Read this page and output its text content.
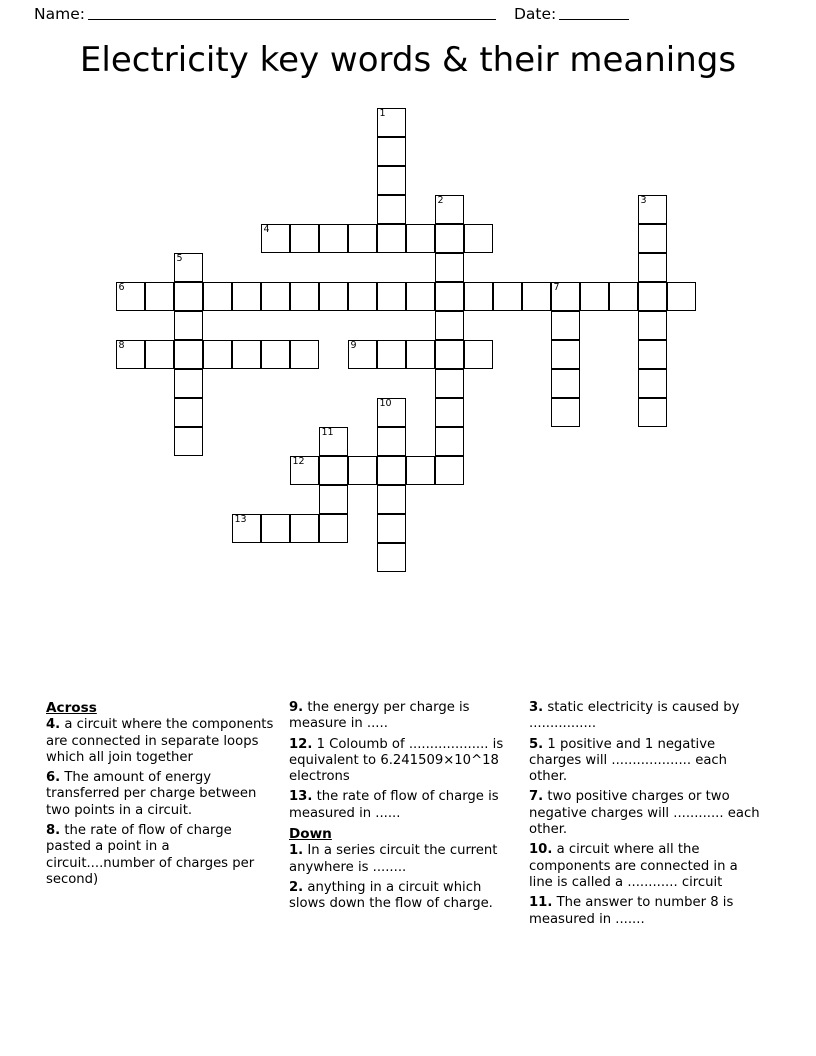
Name:	Date:
Electricity key words & their meanings
1
2	3
4
5
6	7
8	9
10
11
12
13
Across
4. a circuit where the components are connected in separate loops which all join together
6. The amount of energy transferred per charge between two points in a circuit.
8. the rate of flow of charge pasted a point in a circuit....number of charges per second)
9. the energy per charge is measure in .....
12. 1 Coloumb of ................... is equivalent to 6.241509×10^18 electrons
13. the rate of flow of charge is measured in ......
Down
1. In a series circuit the current anywhere is ........
2. anything in a circuit which slows down the flow of charge.
3. static electricity is caused by ................
5. 1 positive and 1 negative charges will ................... each other.
7. two positive charges or two negative charges will ............ each other.
10. a circuit where all the components are connected in a line is called a ............ circuit
11. The answer to number 8 is measured in .......
